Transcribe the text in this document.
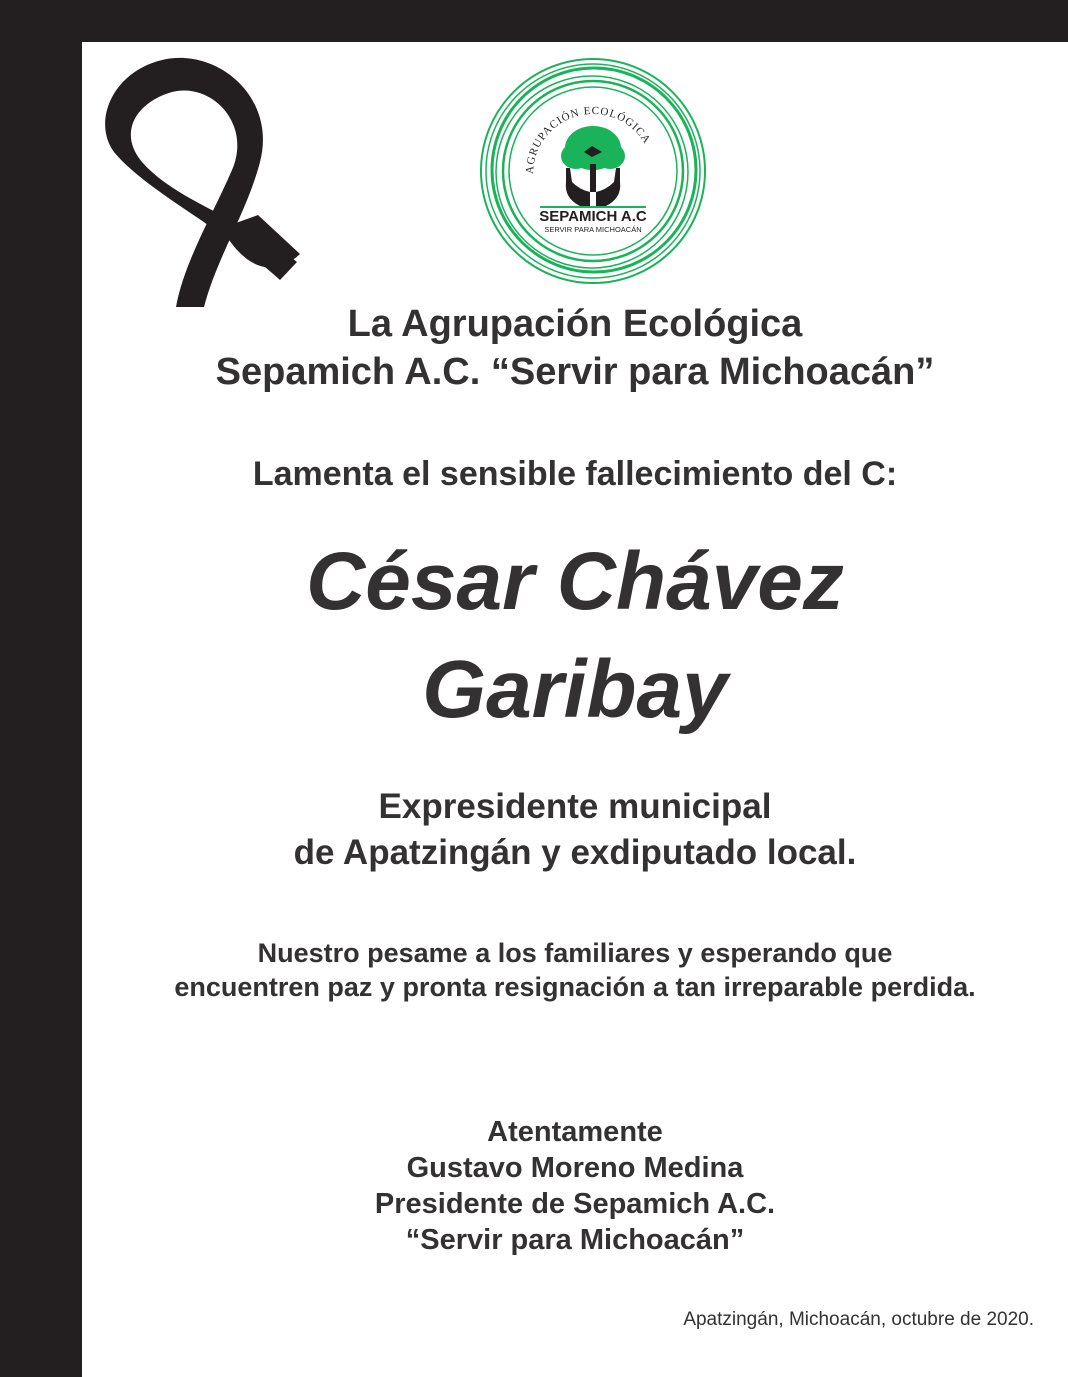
AGRUPACIÓN ECOLÓGICA
SEPAMICH A.C
SERVIR PARA MICHOACÁN
La Agrupación Ecológica
Sepamich A.C. “Servir para Michoacán”
Lamenta el sensible fallecimiento del C:
César Chávez
Garibay
Expresidente municipal
de Apatzingán y exdiputado local.
Nuestro pesame a los familiares y esperando que
encuentren paz y pronta resignación a tan irreparable perdida.
Atentamente
Gustavo Moreno Medina
Presidente de Sepamich A.C.
“Servir para Michoacán”
Apatzingán, Michoacán, octubre de 2020.
